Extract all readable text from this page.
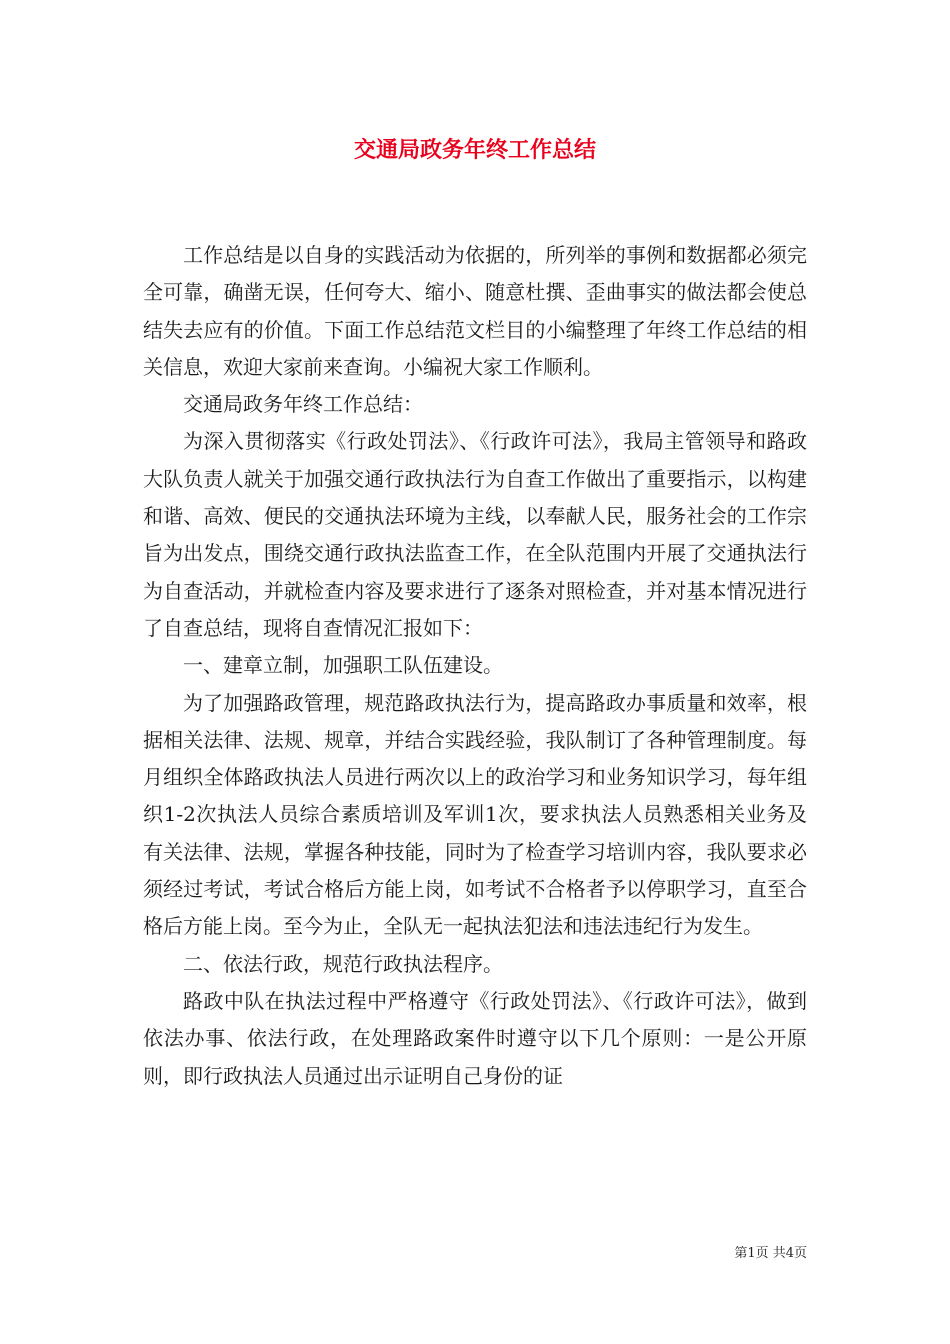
交通局政务年终工作总结

工作总结是以自身的实践活动为依据的，所列举的事例和数据都必须完全可靠，确凿无误，任何夸大、缩小、随意杜撰、歪曲事实的做法都会使总结失去应有的价值。下面工作总结范文栏目的小编整理了年终工作总结的相关信息，欢迎大家前来查询。小编祝大家工作顺利。

交通局政务年终工作总结：

为深入贯彻落实《行政处罚法》、《行政许可法》，我局主管领导和路政大队负责人就关于加强交通行政执法行为自查工作做出了重要指示，以构建和谐、高效、便民的交通执法环境为主线，以奉献人民，服务社会的工作宗旨为出发点，围绕交通行政执法监查工作，在全队范围内开展了交通执法行为自查活动，并就检查内容及要求进行了逐条对照检查，并对基本情况进行了自查总结，现将自查情况汇报如下：

一、建章立制，加强职工队伍建设。

为了加强路政管理，规范路政执法行为，提高路政办事质量和效率，根据相关法律、法规、规章，并结合实践经验，我队制订了各种管理制度。每月组织全体路政执法人员进行两次以上的政治学习和业务知识学习，每年组织1-2次执法人员综合素质培训及军训1次，要求执法人员熟悉相关业务及有关法律、法规，掌握各种技能，同时为了检查学习培训内容，我队要求必须经过考试，考试合格后方能上岗，如考试不合格者予以停职学习，直至合格后方能上岗。至今为止，全队无一起执法犯法和违法违纪行为发生。

二、依法行政，规范行政执法程序。

路政中队在执法过程中严格遵守《行政处罚法》、《行政许可法》，做到依法办事、依法行政，在处理路政案件时遵守以下几个原则：一是公开原则，即行政执法人员通过出示证明自己身份的证

第1页 共4页
